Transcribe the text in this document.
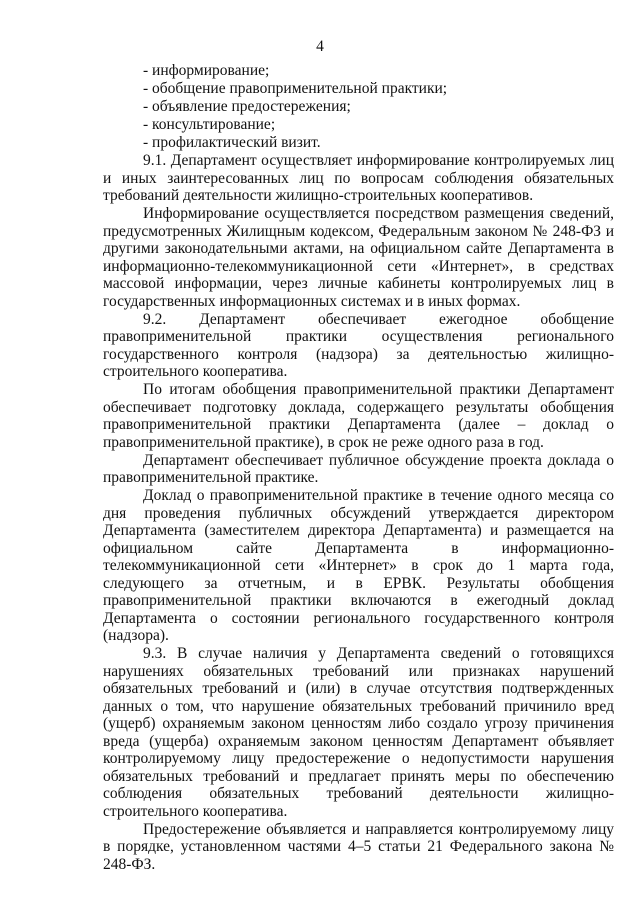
4
- информирование;
- обобщение правоприменительной практики;
- объявление предостережения;
- консультирование;
- профилактический визит.

9.1. Департамент осуществляет информирование контролируемых лиц и иных заинтересованных лиц по вопросам соблюдения обязательных требований деятельности жилищно-строительных кооперативов.

Информирование осуществляется посредством размещения сведений, предусмотренных Жилищным кодексом, Федеральным законом № 248-ФЗ и другими законодательными актами, на официальном сайте Департамента в информационно-телекоммуникационной сети «Интернет», в средствах массовой информации, через личные кабинеты контролируемых лиц в государственных информационных системах и в иных формах.

9.2. Департамент обеспечивает ежегодное обобщение правоприменительной практики осуществления регионального государственного контроля (надзора) за деятельностью жилищно-строительного кооператива.

По итогам обобщения правоприменительной практики Департамент обеспечивает подготовку доклада, содержащего результаты обобщения правоприменительной практики Департамента (далее – доклад о правоприменительной практике), в срок не реже одного раза в год.

Департамент обеспечивает публичное обсуждение проекта доклада о правоприменительной практике.

Доклад о правоприменительной практике в течение одного месяца со дня проведения публичных обсуждений утверждается директором Департамента (заместителем директора Департамента) и размещается на официальном сайте Департамента в информационно-телекоммуникационной сети «Интернет» в срок до 1 марта года, следующего за отчетным, и в ЕРВК. Результаты обобщения правоприменительной практики включаются в ежегодный доклад Департамента о состоянии регионального государственного контроля (надзора).

9.3. В случае наличия у Департамента сведений о готовящихся нарушениях обязательных требований или признаках нарушений обязательных требований и (или) в случае отсутствия подтвержденных данных о том, что нарушение обязательных требований причинило вред (ущерб) охраняемым законом ценностям либо создало угрозу причинения вреда (ущерба) охраняемым законом ценностям Департамент объявляет контролируемому лицу предостережение о недопустимости нарушения обязательных требований и предлагает принять меры по обеспечению соблюдения обязательных требований деятельности жилищно-строительного кооператива.

Предостережение объявляется и направляется контролируемому лицу в порядке, установленном частями 4–5 статьи 21 Федерального закона № 248-ФЗ.
